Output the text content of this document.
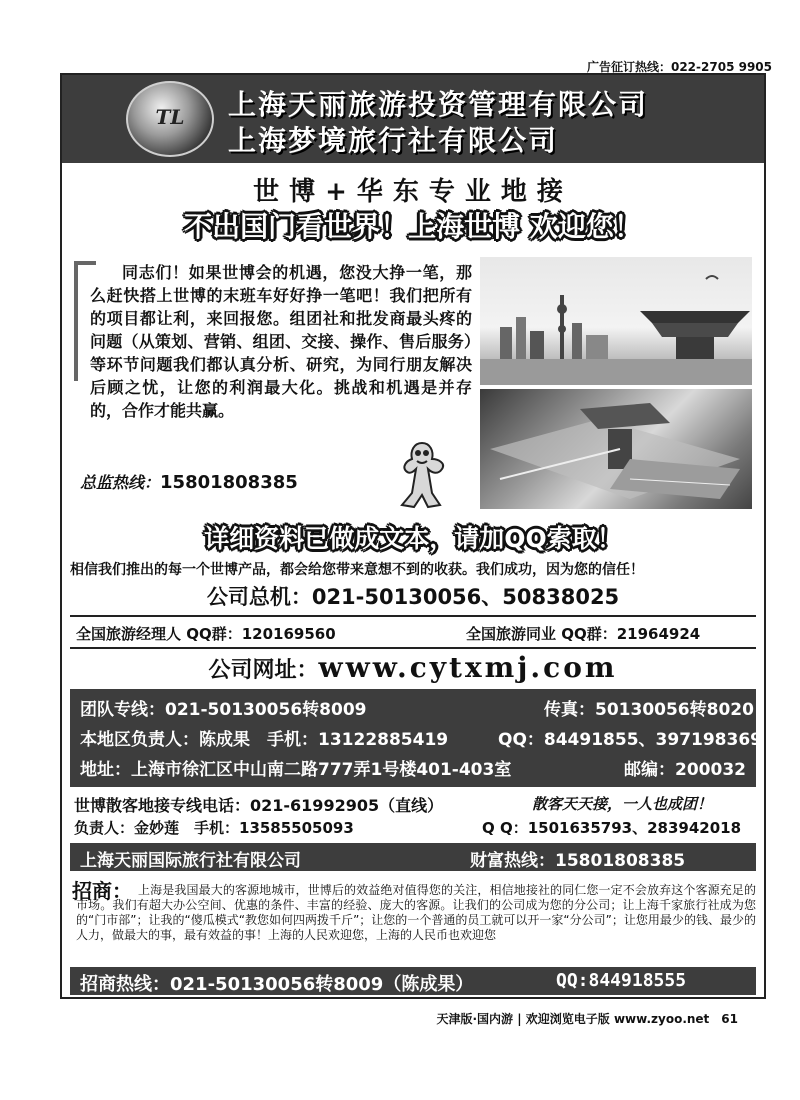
广告征订热线：022-2705 9905
TL	上海天丽旅游投资管理有限公司
上海梦境旅行社有限公司
世博+华东专业地接
不出国门看世界！上海世博 欢迎您！
同志们！如果世博会的机遇，您没大挣一笔，那么赶快搭上世博的末班车好好挣一笔吧！我们把所有的项目都让利，来回报您。组团社和批发商最头疼的问题（从策划、营销、组团、交接、操作、售后服务）等环节问题我们都认真分析、研究，为同行朋友解决后顾之忧，让您的利润最大化。挑战和机遇是并存的，合作才能共赢。
总监热线：15801808385
详细资料已做成文本，请加QQ索取！
相信我们推出的每一个世博产品，都会给您带来意想不到的收获。我们成功，因为您的信任！
公司总机：021-50130056、50838025
全国旅游经理人 QQ群：120169560	全国旅游同业 QQ群：21964924
公司网址：www.cytxmj.com
团队专线：021-50130056转8009	传真：50130056转8020
本地区负责人：陈成果　手机：13122885419	QQ：84491855、397198369
地址：上海市徐汇区中山南二路777弄1号楼401-403室	邮编：200032
世博散客地接专线电话：021-61992905（直线）	散客天天接，一人也成团！
负责人：金妙莲　手机：13585505093	Q Q：1501635793、283942018
上海天丽国际旅行社有限公司	财富热线：15801808385
上海是我国最大的客源地城市，世博后的效益绝对值得您的关注，相信地接社的同仁您一定不会放弃这个客源充足的市场。我们有超大办公空间、优惠的条件、丰富的经验、庞大的客源。让我们的公司成为您的分公司；让上海千家旅行社成为您的“门市部”；让我的“傻瓜模式“教您如何四两拨千斤”；让您的一个普通的员工就可以开一家“分公司”；让您用最少的钱、最少的人力，做最大的事，最有效益的事！上海的人民欢迎您，上海的人民币也欢迎您
招商：
招商热线：021-50130056转8009（陈成果）	QQ:844918555
天津版·国内游 | 欢迎浏览电子版 www.zyoo.net　61
